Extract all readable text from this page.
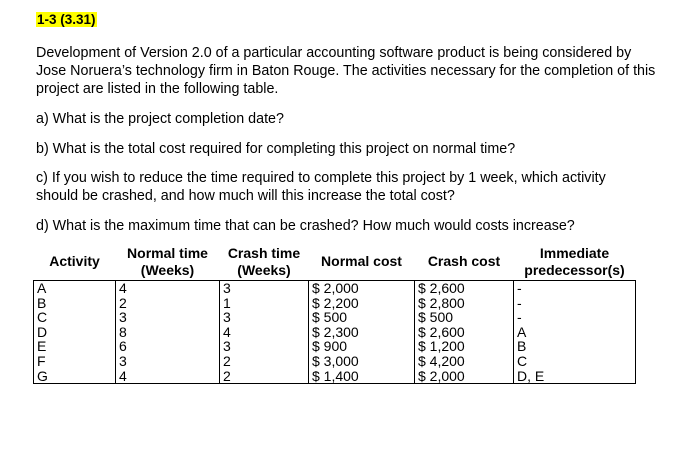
1-3 (3.31)
Development of Version 2.0 of a particular accounting software product is being considered by Jose Noruera’s technology firm in Baton Rouge. The activities necessary for the completion of this project are listed in the following table.
a) What is the project completion date?
b) What is the total cost required for completing this project on normal time?
c) If you wish to reduce the time required to complete this project by 1 week, which activity should be crashed, and how much will this increase the total cost?
d) What is the maximum time that can be crashed? How much would costs increase?
Activity	Normal time (Weeks)	Crash time (Weeks)	Normal cost	Crash cost	Immediate predecessor(s)
A	4	3	$ 2,000	$ 2,600	-
B	2	1	$ 2,200	$ 2,800	-
C	3	3	$ 500	$ 500	-
D	8	4	$ 2,300	$ 2,600	A
E	6	3	$ 900	$ 1,200	B
F	3	2	$ 3,000	$ 4,200	C
G	4	2	$ 1,400	$ 2,000	D, E
